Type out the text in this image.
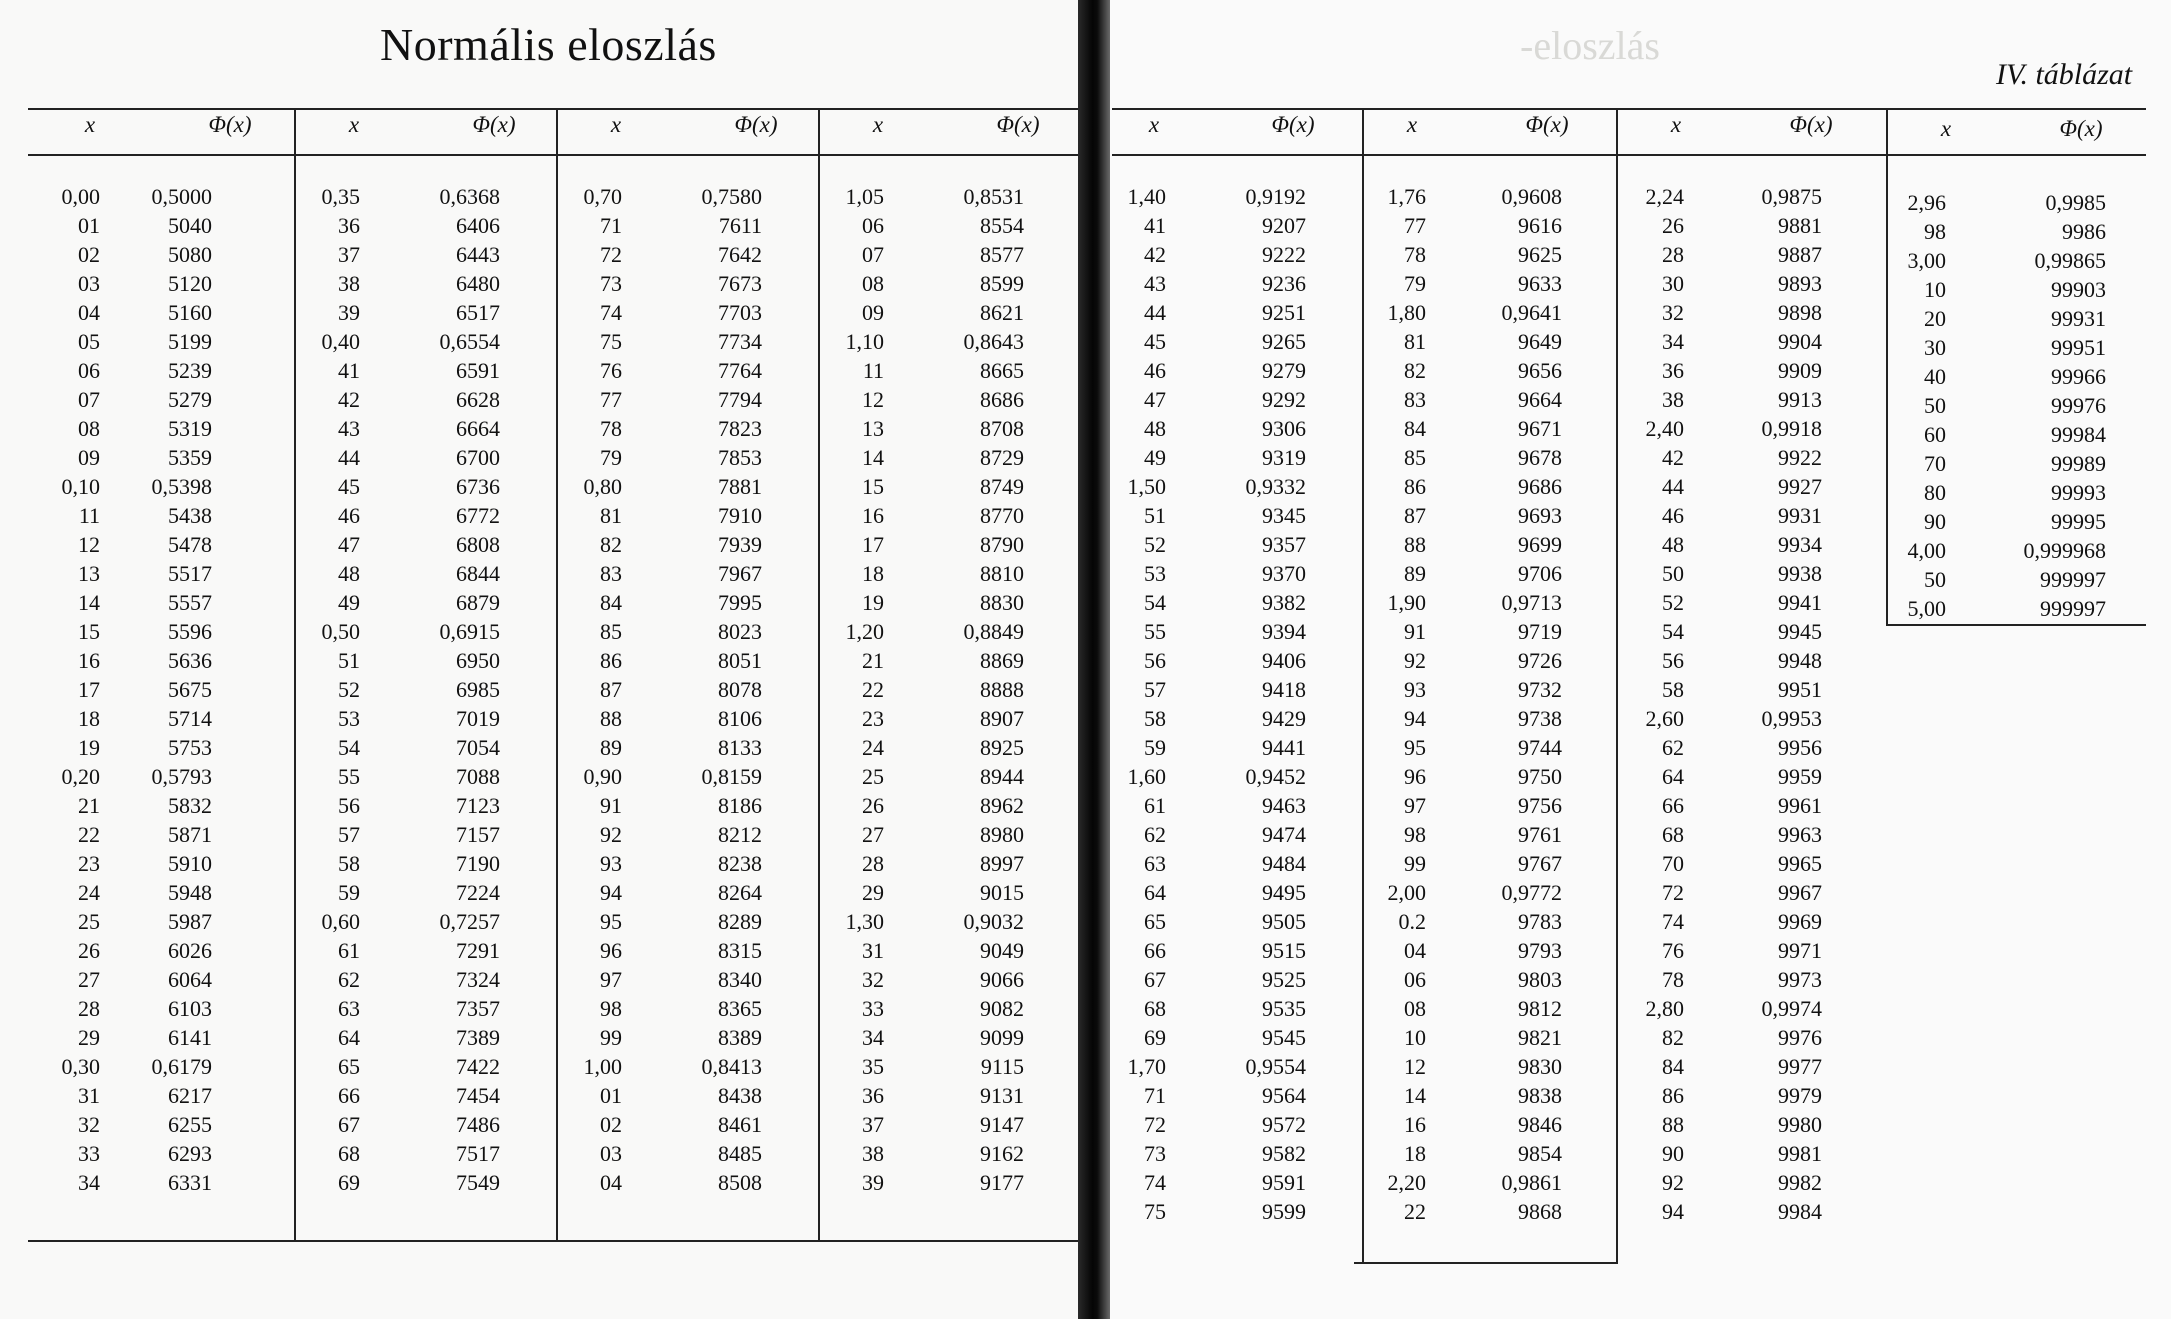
Normális eloszlás	-eloszlás
IV. táblázat
x	Φ(x)
0,00	0,5000
01	5040
02	5080
03	5120
04	5160
05	5199
06	5239
07	5279
08	5319
09	5359
0,10	0,5398
11	5438
12	5478
13	5517
14	5557
15	5596
16	5636
17	5675
18	5714
19	5753
0,20	0,5793
21	5832
22	5871
23	5910
24	5948
25	5987
26	6026
27	6064
28	6103
29	6141
0,30	0,6179
31	6217
32	6255
33	6293
34	6331
x	Φ(x)
0,35	0,6368
36	6406
37	6443
38	6480
39	6517
0,40	0,6554
41	6591
42	6628
43	6664
44	6700
45	6736
46	6772
47	6808
48	6844
49	6879
0,50	0,6915
51	6950
52	6985
53	7019
54	7054
55	7088
56	7123
57	7157
58	7190
59	7224
0,60	0,7257
61	7291
62	7324
63	7357
64	7389
65	7422
66	7454
67	7486
68	7517
69	7549
x	Φ(x)
0,70	0,7580
71	7611
72	7642
73	7673
74	7703
75	7734
76	7764
77	7794
78	7823
79	7853
0,80	7881
81	7910
82	7939
83	7967
84	7995
85	8023
86	8051
87	8078
88	8106
89	8133
0,90	0,8159
91	8186
92	8212
93	8238
94	8264
95	8289
96	8315
97	8340
98	8365
99	8389
1,00	0,8413
01	8438
02	8461
03	8485
04	8508
x	Φ(x)
1,05	0,8531
06	8554
07	8577
08	8599
09	8621
1,10	0,8643
11	8665
12	8686
13	8708
14	8729
15	8749
16	8770
17	8790
18	8810
19	8830
1,20	0,8849
21	8869
22	8888
23	8907
24	8925
25	8944
26	8962
27	8980
28	8997
29	9015
1,30	0,9032
31	9049
32	9066
33	9082
34	9099
35	9115
36	9131
37	9147
38	9162
39	9177
x	Φ(x)
1,40	0,9192
41	9207
42	9222
43	9236
44	9251
45	9265
46	9279
47	9292
48	9306
49	9319
1,50	0,9332
51	9345
52	9357
53	9370
54	9382
55	9394
56	9406
57	9418
58	9429
59	9441
1,60	0,9452
61	9463
62	9474
63	9484
64	9495
65	9505
66	9515
67	9525
68	9535
69	9545
1,70	0,9554
71	9564
72	9572
73	9582
74	9591
75	9599
x	Φ(x)
1,76	0,9608
77	9616
78	9625
79	9633
1,80	0,9641
81	9649
82	9656
83	9664
84	9671
85	9678
86	9686
87	9693
88	9699
89	9706
1,90	0,9713
91	9719
92	9726
93	9732
94	9738
95	9744
96	9750
97	9756
98	9761
99	9767
2,00	0,9772
0.2	9783
04	9793
06	9803
08	9812
10	9821
12	9830
14	9838
16	9846
18	9854
2,20	0,9861
22	9868
x	Φ(x)
2,24	0,9875
26	9881
28	9887
30	9893
32	9898
34	9904
36	9909
38	9913
2,40	0,9918
42	9922
44	9927
46	9931
48	9934
50	9938
52	9941
54	9945
56	9948
58	9951
2,60	0,9953
62	9956
64	9959
66	9961
68	9963
70	9965
72	9967
74	9969
76	9971
78	9973
2,80	0,9974
82	9976
84	9977
86	9979
88	9980
90	9981
92	9982
94	9984
x	Φ(x)
2,96	0,9985
98	9986
3,00	0,99865
10	99903
20	99931
30	99951
40	99966
50	99976
60	99984
70	99989
80	99993
90	99995
4,00	0,999968
50	999997
5,00	999997
